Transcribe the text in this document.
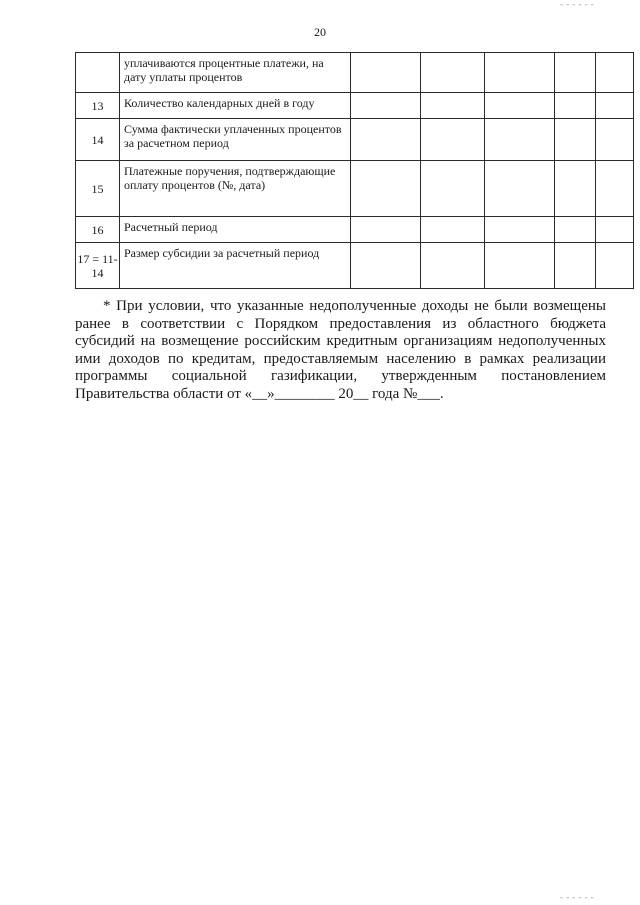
20
	уплачиваются процентные платежи, на дату уплаты процентов					
13	Количество календарных дней в году					
14	Сумма фактически уплаченных процентов за расчетном период					
15	Платежные поручения, подтверждающие оплату процентов (№, дата)					
16	Расчетный период					
17 = 11-14	Размер субсидии за расчетный период					

* При условии, что указанные недополученные доходы не были возмещены ранее в соответствии с Порядком предоставления из областного бюджета субсидий на возмещение российским кредитным организациям недополученных ими доходов по кредитам, предоставляемым населению в рамках реализации программы социальной газификации, утвержденным постановлением Правительства области от «__»________ 20__ года №___.

‑ ‑ ‑ ‑ ‑ ‑
‑ ‑ ‑ ‑ ‑ ‑
